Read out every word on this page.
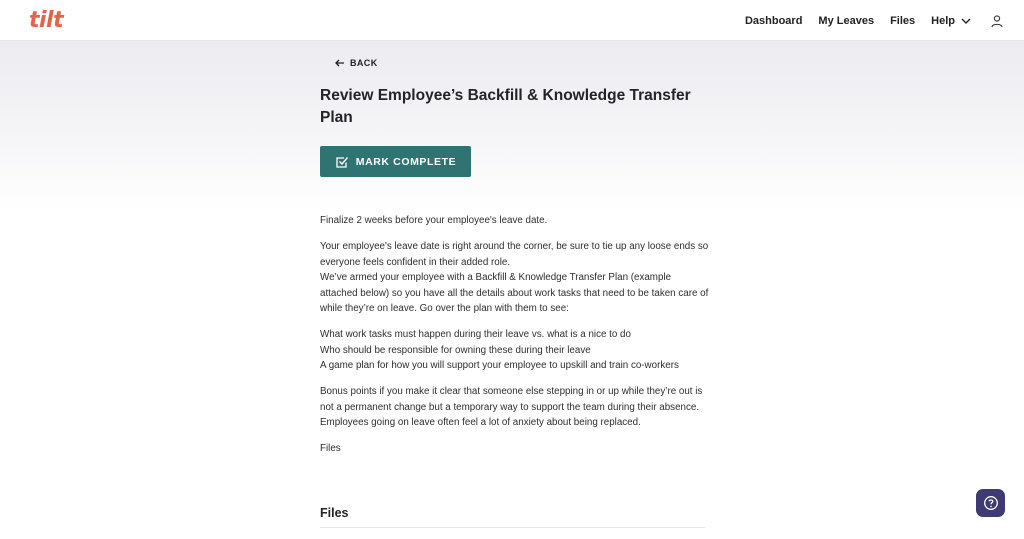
tilt	Dashboard My Leaves Files Help
BACK
Review Employee’s Backfill & Knowledge Transfer Plan
MARK COMPLETE

Finalize 2 weeks before your employee's leave date.

Your employee's leave date is right around the corner, be sure to tie up any loose ends so everyone feels confident in their added role.
We’ve armed your employee with a Backfill & Knowledge Transfer Plan (example attached below) so you have all the details about work tasks that need to be taken care of while they’re on leave. Go over the plan with them to see:

What work tasks must happen during their leave vs. what is a nice to do
Who should be responsible for owning these during their leave
A game plan for how you will support your employee to upskill and train co-workers

Bonus points if you make it clear that someone else stepping in or up while they’re out is not a permanent change but a temporary way to support the team during their absence. Employees going on leave often feel a lot of anxiety about being replaced.

Files

Files
